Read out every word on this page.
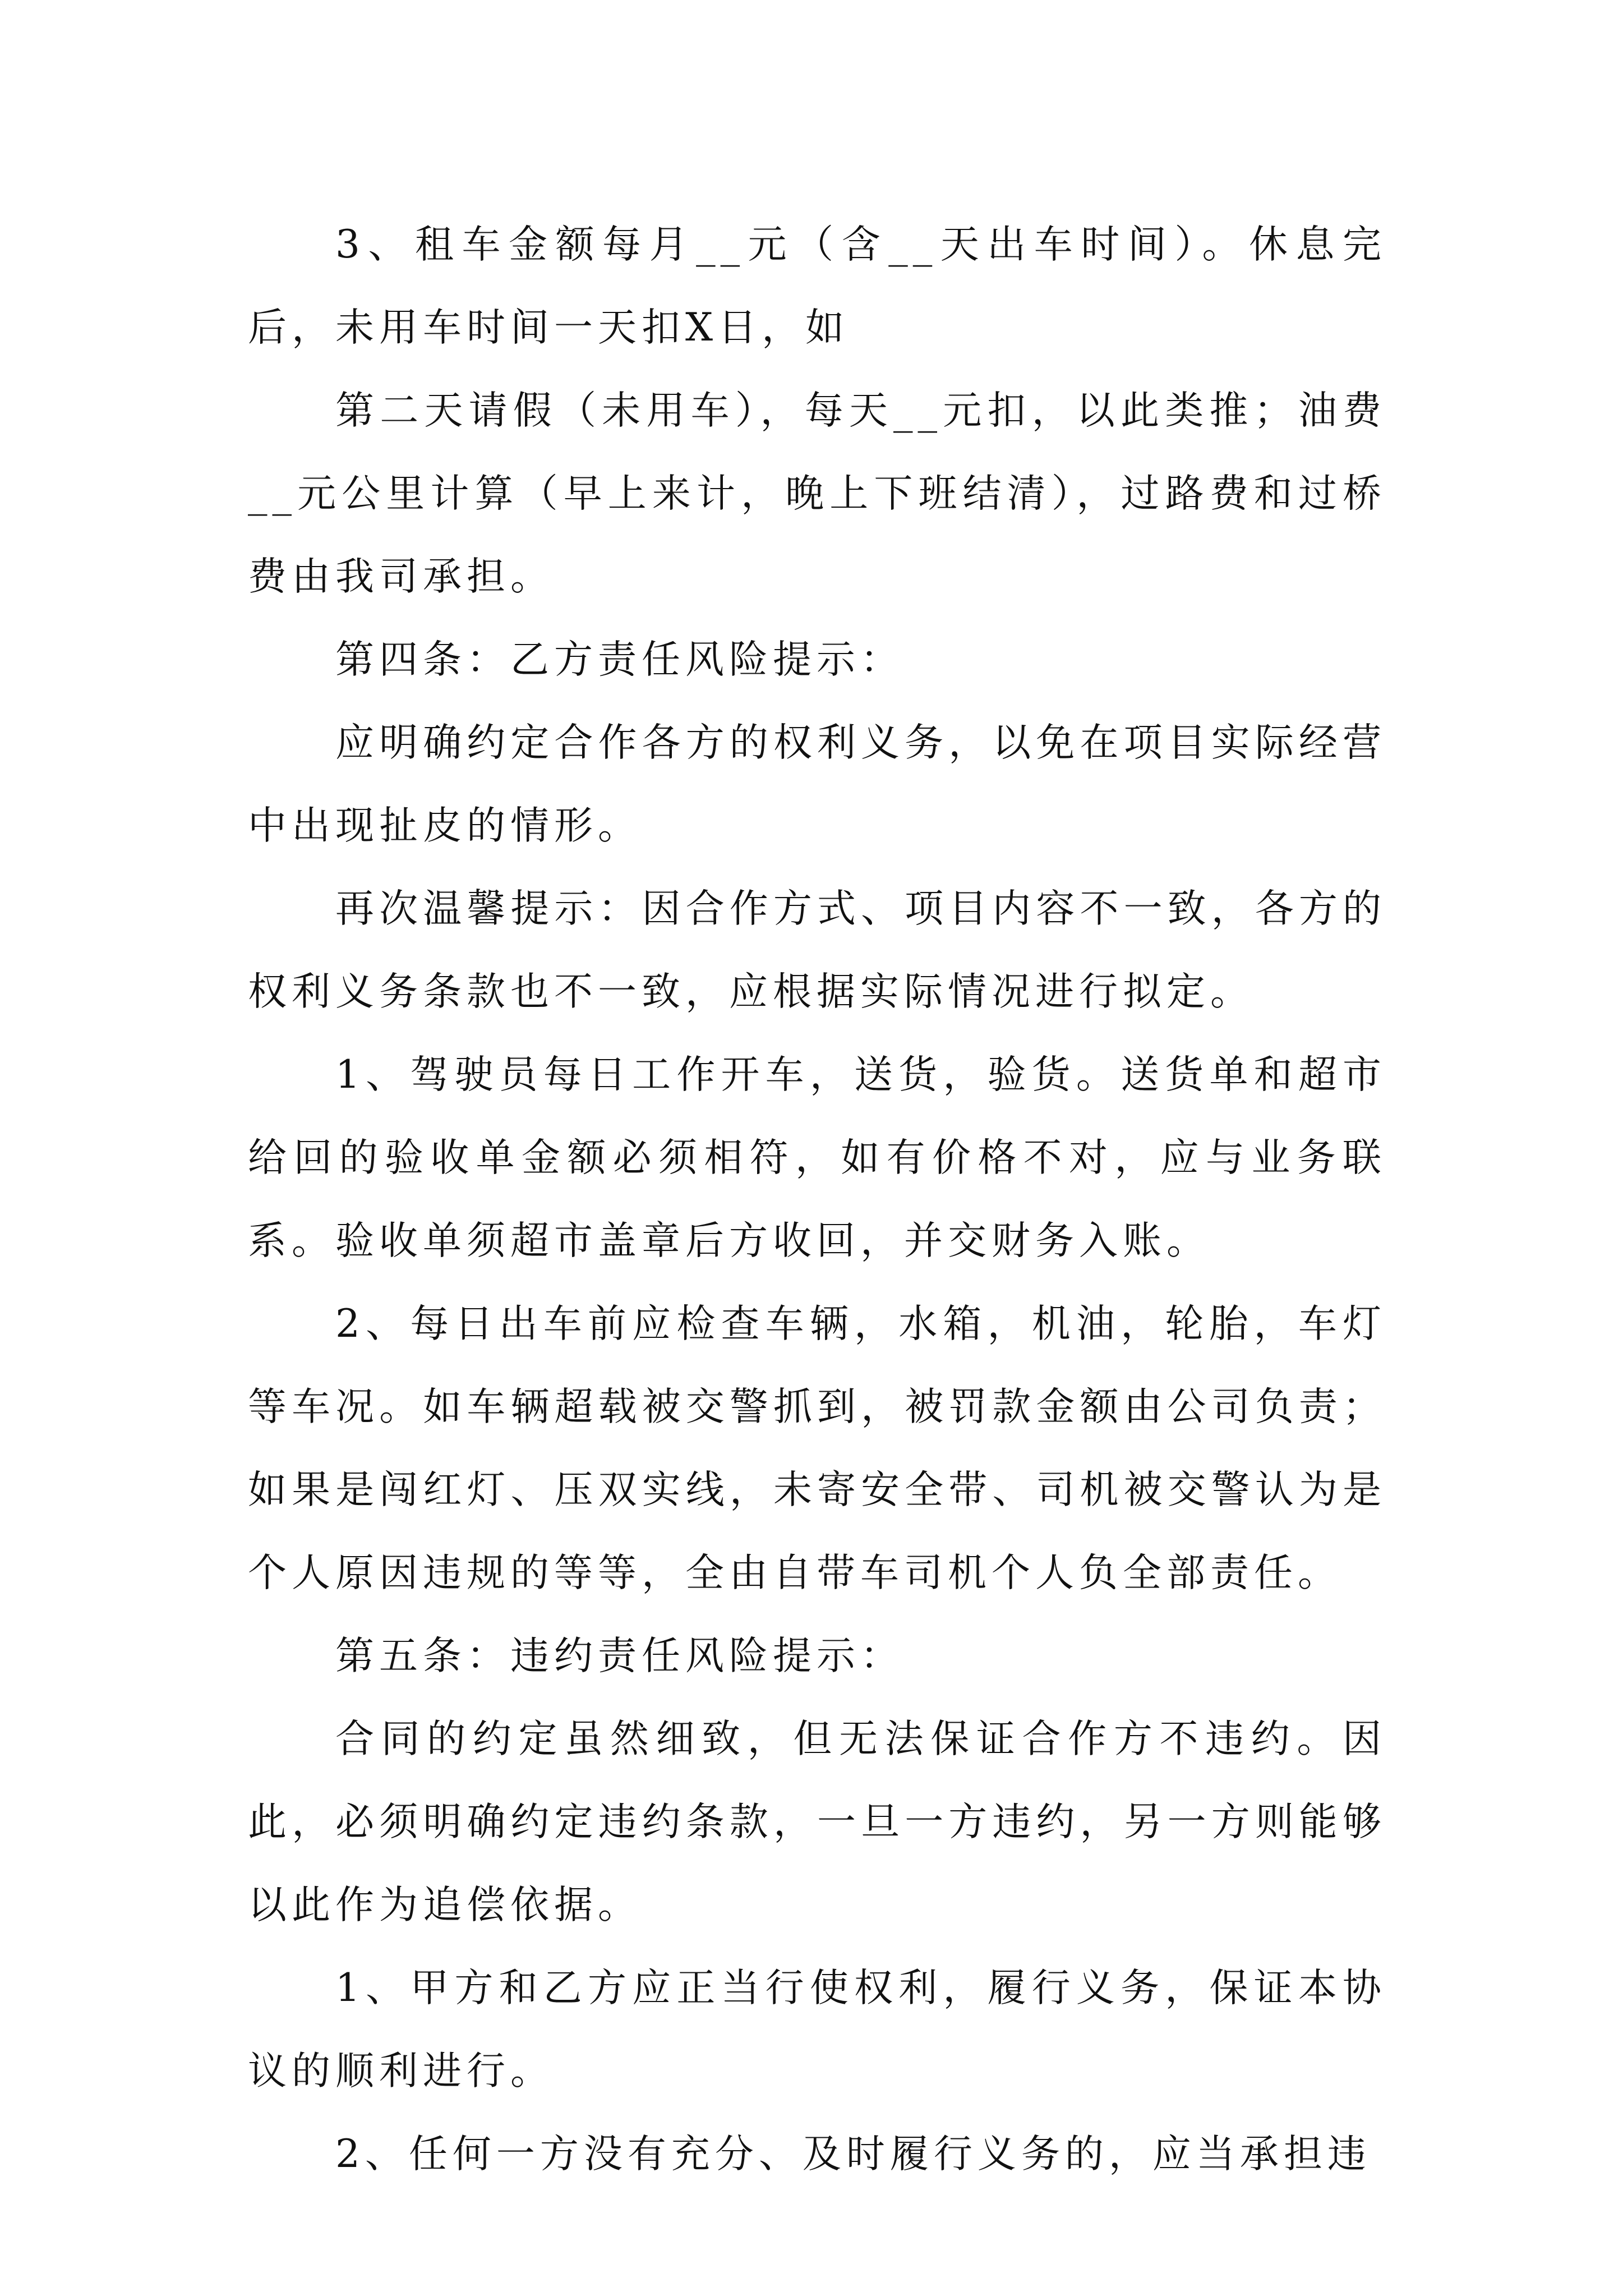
3、租车金额每月__元（含__天出车时间）。休息完后，未用车时间一天扣X日，如

第二天请假（未用车），每天__元扣，以此类推；油费__元公里计算（早上来计，晚上下班结清），过路费和过桥费由我司承担。

第四条：乙方责任风险提示：

应明确约定合作各方的权利义务，以免在项目实际经营中出现扯皮的情形。

再次温馨提示：因合作方式、项目内容不一致，各方的权利义务条款也不一致，应根据实际情况进行拟定。

1、驾驶员每日工作开车，送货，验货。送货单和超市给回的验收单金额必须相符，如有价格不对，应与业务联系。验收单须超市盖章后方收回，并交财务入账。

2、每日出车前应检查车辆，水箱，机油，轮胎，车灯等车况。如车辆超载被交警抓到，被罚款金额由公司负责；如果是闯红灯、压双实线，未寄安全带、司机被交警认为是个人原因违规的等等，全由自带车司机个人负全部责任。

第五条：违约责任风险提示：

合同的约定虽然细致，但无法保证合作方不违约。因此，必须明确约定违约条款，一旦一方违约，另一方则能够以此作为追偿依据。

1、甲方和乙方应正当行使权利，履行义务，保证本协议的顺利进行。

2、任何一方没有充分、及时履行义务的，应当承担违
